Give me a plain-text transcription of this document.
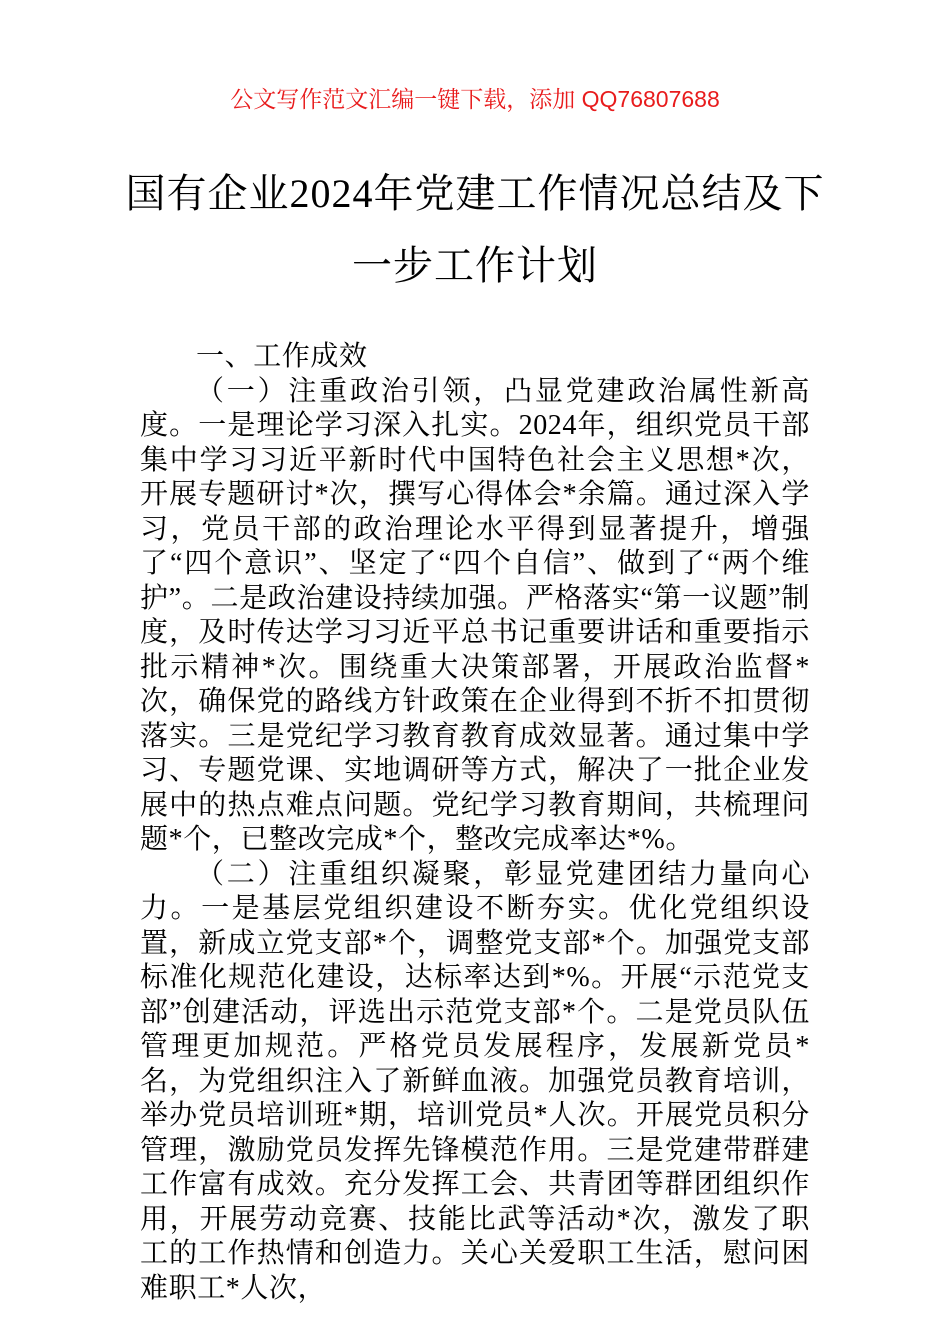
公文写作范文汇编一键下载，添加 QQ76807688
国有企业2024年党建工作情况总结及下一步工作计划

一、工作成效

（一）注重政治引领，凸显党建政治属性新高度。一是理论学习深入扎实。2024年，组织党员干部集中学习习近平新时代中国特色社会主义思想*次，开展专题研讨*次，撰写心得体会*余篇。通过深入学习，党员干部的政治理论水平得到显著提升，增强了“四个意识”、坚定了“四个自信”、做到了“两个维护”。二是政治建设持续加强。严格落实“第一议题”制度，及时传达学习习近平总书记重要讲话和重要指示批示精神*次。围绕重大决策部署，开展政治监督*次，确保党的路线方针政策在企业得到不折不扣贯彻落实。三是党纪学习教育教育成效显著。通过集中学习、专题党课、实地调研等方式，解决了一批企业发展中的热点难点问题。党纪学习教育期间，共梳理问题*个，已整改完成*个，整改完成率达*%。

（二）注重组织凝聚，彰显党建团结力量向心力。一是基层党组织建设不断夯实。优化党组织设置，新成立党支部*个，调整党支部*个。加强党支部标准化规范化建设，达标率达到*%。开展“示范党支部”创建活动，评选出示范党支部*个。二是党员队伍管理更加规范。严格党员发展程序，发展新党员*名，为党组织注入了新鲜血液。加强党员教育培训，举办党员培训班*期，培训党员*人次。开展党员积分管理，激励党员发挥先锋模范作用。三是党建带群建工作富有成效。充分发挥工会、共青团等群团组织作用，开展劳动竞赛、技能比武等活动*次，激发了职工的工作热情和创造力。关心关爱职工生活，慰问困难职工*人次，
